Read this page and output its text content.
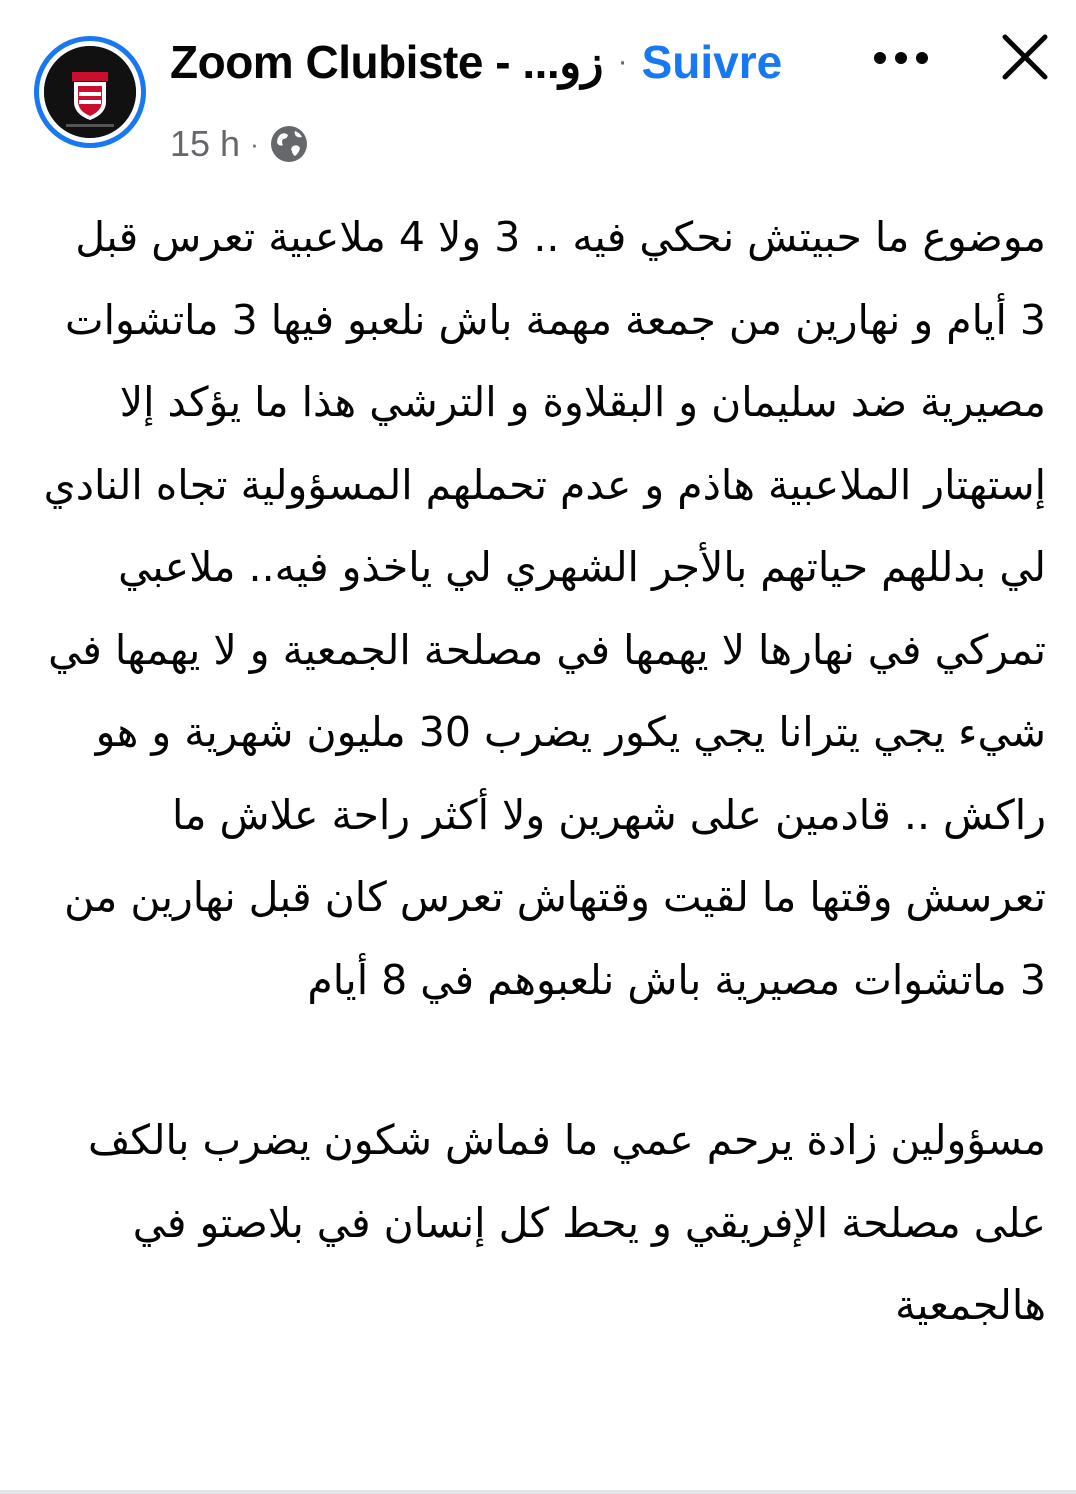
Zoom Clubiste - ...زو · Suivre
15 h ·

موضوع ما حبيتش نحكي فيه .. 3 ولا 4 ملاعبية تعرس قبل  3 أيام و نهارين من جمعة مهمة باش نلعبو فيها 3 ماتشوات مصيرية ضد سليمان و البقلاوة و الترشي هذا ما يؤكد إلا إستهتار الملاعبية هاذم و عدم تحملهم المسؤولية تجاه النادي لي بدللهم حياتهم بالأجر الشهري لي ياخذو فيه.. ملاعبي تمركي في نهارها لا يهمها في مصلحة الجمعية و لا يهمها في شيء يجي يترانا يجي يكور يضرب 30 مليون شهرية و هو راكش .. قادمين على شهرين ولا أكثر راحة علاش ما تعرسش وقتها ما لقيت وقتهاش تعرس كان قبل نهارين من 3 ماتشوات مصيرية باش نلعبوهم في 8 أيام

مسؤولين زادة يرحم عمي ما فماش شكون يضرب بالكف على مصلحة الإفريقي و يحط كل إنسان في بلاصتو في هالجمعية
